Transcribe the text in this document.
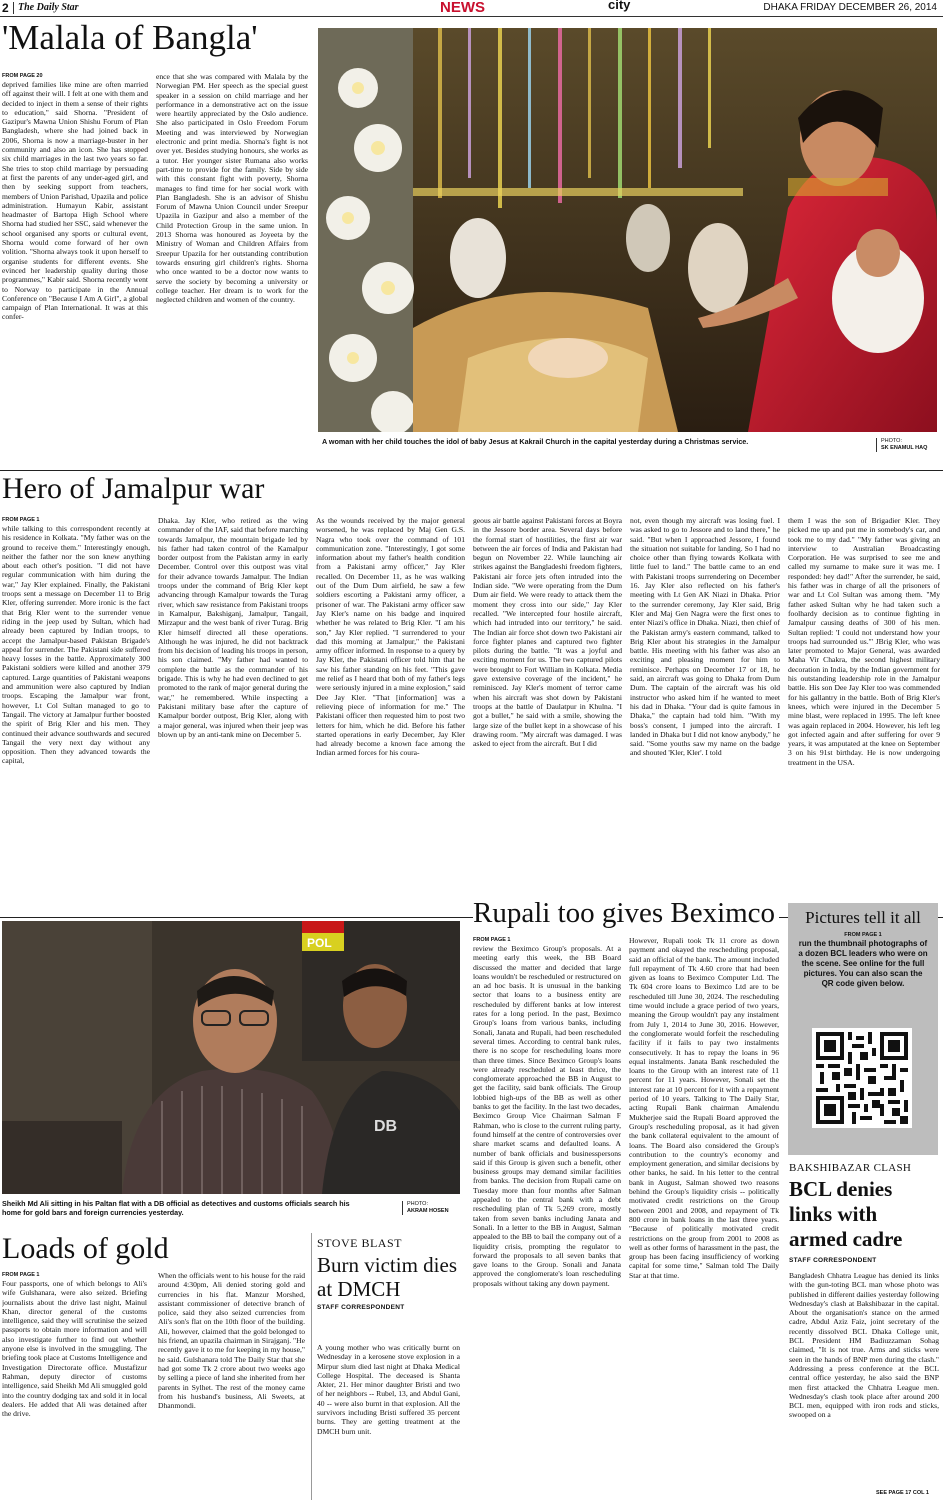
2 The Daily Star	NEWS	city	DHAKA FRIDAY DECEMBER 26, 2014
'Malala of Bangla'
FROM PAGE 20
deprived families like mine are often married off against their will. I felt at one with them and decided to inject in them a sense of their rights to education," said Shorna. "President of Gazipur's Mawna Union Shishu Forum of Plan Bangladesh, where she had joined back in 2006, Shorna is now a marriage-buster in her community and also an icon. She has stopped six child marriages in the last two years so far. She tries to stop child marriage by persuading at first the parents of any under-aged girl, and then by seeking support from teachers, members of Union Parishad, Upazila and police administration. Humayun Kabir, assistant headmaster of Bartopa High School where Shorna had studied her SSC, said whenever the school organised any sports or cultural event, Shorna would come forward of her own volition. "Shorna always took it upon herself to organise students for different events. She evinced her leadership quality during those programmes," Kabir said. Shorna recently went to Norway to participate in the Annual Conference on "Because I Am A Girl", a global campaign of Plan International. It was at this confer-
ence that she was compared with Malala by the Norwegian PM. Her speech as the special guest speaker in a session on child marriage and her performance in a demonstrative act on the issue were heartily appreciated by the Oslo audience. She also participated in Oslo Freedom Forum Meeting and was interviewed by Norwegian electronic and print media. Shorna's fight is not over yet. Besides studying honours, she works as a tutor. Her younger sister Rumana also works part-time to provide for the family. Side by side with this constant fight with poverty, Shorna manages to find time for her social work with Plan Bangladesh. She is an advisor of Shishu Forum of Mawna Union Council under Sreepur Upazila in Gazipur and also a member of the Child Protection Group in the same union. In 2013 Shorna was honoured as Joyeeta by the Ministry of Woman and Children Affairs from Sreepur Upazila for her outstanding contribution towards ensuring girl children's rights. Shorna who once wanted to be a doctor now wants to serve the society by becoming a university or college teacher. Her dream is to work for the neglected children and women of the country.
A woman with her child touches the idol of baby Jesus at Kakrail Church in the capital yesterday during a Christmas service.	PHOTO:
SK ENAMUL HAQ
Hero of Jamalpur war
FROM PAGE 1
while talking to this correspondent recently at his residence in Kolkata. "My father was on the ground to receive them." Interestingly enough, neither the father nor the son knew anything about each other's position. "I did not have regular communication with him during the war," Jay Kler explained. Finally, the Pakistani troops sent a message on December 11 to Brig Kler, offering surrender. More ironic is the fact that Brig Kler went to the surrender venue riding in the jeep used by Sultan, which had already been captured by Indian troops, to accept the Jamalpur-based Pakistan Brigade's appeal for surrender. The Pakistani side suffered heavy losses in the battle. Approximately 300 Pakistani soldiers were killed and another 379 captured. Large quantities of Pakistani weapons and ammunition were also captured by Indian troops. Escaping the Jamalpur war front, however, Lt Col Sultan managed to go to Tangail. The victory at Jamalpur further boosted the spirit of Brig Kler and his men. They continued their advance southwards and secured Tangail the very next day without any opposition. Then they advanced towards the capital,
Dhaka. Jay Kler, who retired as the wing commander of the IAF, said that before marching towards Jamalpur, the mountain brigade led by his father had taken control of the Kamalpur border outpost from the Pakistan army in early December. Control over this outpost was vital for their advance towards Jamalpur. The Indian troops under the command of Brig Kler kept advancing through Kamalpur towards the Turag river, which saw resistance from Pakistani troops in Kamalpur, Bakshiganj, Jamalpur, Tangail, Mirzapur and the west bank of river Turag. Brig Kler himself directed all these operations. Although he was injured, he did not backtrack from his decision of leading his troops in person, his son claimed. "My father had wanted to complete the battle as the commander of his brigade. This is why he had even declined to get promoted to the rank of major general during the war," he remembered. While inspecting a Pakistani military base after the capture of Kamalpur border outpost, Brig Kler, along with a major general, was injured when their jeep was blown up by an anti-tank mine on December 5.
As the wounds received by the major general worsened, he was replaced by Maj Gen G.S. Nagra who took over the command of 101 communication zone. "Interestingly, I got some information about my father's health condition from a Pakistani army officer," Jay Kler recalled. On December 11, as he was walking out of the Dum Dum airfield, he saw a few soldiers escorting a Pakistani army officer, a prisoner of war. The Pakistani army officer saw Jay Kler's name on his badge and inquired whether he was related to Brig Kler. "I am his son," Jay Kler replied. "I surrendered to your dad this morning at Jamalpur," the Pakistani army officer informed. In response to a query by Jay Kler, the Pakistani officer told him that he saw his father standing on his feet. "This gave me relief as I heard that both of my father's legs were seriously injured in a mine explosion," said Dee Jay Kler. "That [information] was a relieving piece of information for me." The Pakistani officer then requested him to post two letters for him, which he did. Before his father started operations in early December, Jay Kler had already become a known face among the Indian armed forces for his coura-
geous air battle against Pakistani forces at Boyra in the Jessore border area. Several days before the formal start of hostilities, the first air war between the air forces of India and Pakistan had begun on November 22. While launching air strikes against the Bangladeshi freedom fighters, Pakistani air force jets often intruded into the Indian side. "We were operating from the Dum Dum air field. We were ready to attack them the moment they cross into our side," Jay Kler recalled. "We intercepted four hostile aircraft, which had intruded into our territory," he said. The Indian air force shot down two Pakistani air force fighter planes and captured two fighter pilots during the battle. "It was a joyful and exciting moment for us. The two captured pilots were brought to Fort William in Kolkata. Media gave extensive coverage of the incident," he reminisced. Jay Kler's moment of terror came when his aircraft was shot down by Pakistani troops at the battle of Daulatpur in Khulna. "I got a bullet," he said with a smile, showing the large size of the bullet kept in a showcase of his drawing room. "My aircraft was damaged. I was asked to eject from the aircraft. But I did
not, even though my aircraft was losing fuel. I was asked to go to Jessore and to land there," he said. "But when I approached Jessore, I found the situation not suitable for landing. So I had no choice other than flying towards Kolkata with little fuel to land." The battle came to an end with Pakistani troops surrendering on December 16. Jay Kler also reflected on his father's meeting with Lt Gen AK Niazi in Dhaka. Prior to the surrender ceremony, Jay Kler said, Brig Kler and Maj Gen Nagra were the first ones to enter Niazi's office in Dhaka. Niazi, then chief of the Pakistan army's eastern command, talked to Brig Kler about his strategies in the Jamalpur battle. His meeting with his father was also an exciting and pleasing moment for him to reminisce. Perhaps on December 17 or 18, he said, an aircraft was going to Dhaka from Dum Dum. The captain of the aircraft was his old instructor who asked him if he wanted to meet his dad in Dhaka. "Your dad is quite famous in Dhaka," the captain had told him. "With my boss's consent, I jumped into the aircraft. I landed in Dhaka but I did not know anybody," he said. "Some youths saw my name on the badge and shouted 'Kler, Kler'. I told
them I was the son of Brigadier Kler. They picked me up and put me in somebody's car, and took me to my dad." "My father was giving an interview to Australian Broadcasting Corporation. He was surprised to see me and called my surname to make sure it was me. I responded: hey dad!" After the surrender, he said, his father was in charge of all the prisoners of war and Lt Col Sultan was among them. "My father asked Sultan why he had taken such a foolhardy decision as to continue fighting in Jamalpur causing deaths of 300 of his men. Sultan replied: 'I could not understand how your troops had surrounded us.'" JBrig Kler, who was later promoted to Major General, was awarded Maha Vir Chakra, the second highest military decoration in India, by the Indian government for his outstanding leadership role in the Jamalpur battle. His son Dee Jay Kler too was commended for his gallantry in the battle. Both of Brig Kler's knees, which were injured in the December 5 mine blast, were replaced in 1995. The left knee was again replaced in 2004. However, his left leg got infected again and after suffering for over 9 years, it was amputated at the knee on September 3 on his 91st birthday. He is now undergoing treatment in the USA.
POL
DB
Sheikh Md Ali sitting in his Paltan flat with a DB official as detectives and customs officials search his home for gold bars and foreign currencies yesterday.
PHOTO:
AKRAM HOSEN
Loads of gold
FROM PAGE 1
Four passports, one of which belongs to Ali's wife Gulshanara, were also seized. Briefing journalists about the drive last night, Mainul Khan, director general of the customs intelligence, said they will scrutinise the seized passports to obtain more information and will also investigate further to find out whether anyone else is involved in the smuggling. The briefing took place at Customs Intelligence and Investigation Directorate office. Mustafizur Rahman, deputy director of customs intelligence, said Sheikh Md Ali smuggled gold into the country dodging tax and sold it in local dealers. He added that Ali was detained after the drive.
When the officials went to his house for the raid around 4:30pm, Ali denied storing gold and currencies in his flat. Manzur Morshed, assistant commissioner of detective branch of police, said they also seized currencies from Ali's son's flat on the 10th floor of the building. Ali, however, claimed that the gold belonged to his friend, an upazila chairman in Sirajganj. "He recently gave it to me for keeping in my house," he said. Gulshanara told The Daily Star that she had got some Tk 2 crore about two weeks ago by selling a piece of land she inherited from her parents in Sylhet. The rest of the money came from his husband's business, Ali Sweets, at Dhanmondi.
STOVE BLAST
Burn victim dies at DMCH
STAFF CORRESPONDENT
A young mother who was critically burnt on Wednesday in a kerosene stove explosion in a Mirpur slum died last night at Dhaka Medical College Hospital. The deceased is Shanta Akter, 21. Her minor daughter Bristi and two of her neighbors -- Rubel, 13, and Abdul Gani, 40 -- were also burnt in that explosion. All the survivors including Bristi suffered 35 percent burns. They are getting treatment at the DMCH burn unit.
Rupali too gives Beximco
FROM PAGE 1
review the Beximco Group's proposals. At a meeting early this week, the BB Board discussed the matter and decided that large loans wouldn't be rescheduled or restructured on an ad hoc basis. It is unusual in the banking sector that loans to a business entity are rescheduled by different banks at low interest rates for a long period. In the past, Beximco Group's loans from various banks, including Sonali, Janata and Rupali, had been rescheduled several times. According to central bank rules, there is no scope for rescheduling loans more than three times. Since Beximco Group's loans were already rescheduled at least thrice, the conglomerate approached the BB in August to get the facility, said bank officials. The Group lobbied high-ups of the BB as well as other banks to get the facility. In the last two decades, Beximco Group Vice Chairman Salman F Rahman, who is close to the current ruling party, found himself at the centre of controversies over share market scams and defaulted loans. A number of bank officials and businesspersons said if this Group is given such a benefit, other business groups may demand similar facilities from banks. The decision from Rupali came on Tuesday more than four months after Salman appealed to the central bank with a debt rescheduling plan of Tk 5,269 crore, mostly taken from seven banks including Janata and Sonali. In a letter to the BB in August, Salman appealed to the BB to bail the company out of a liquidity crisis, prompting the regulator to forward the proposals to all seven banks that gave loans to the Group. Sonali and Janata approved the conglomerate's loan rescheduling proposals without taking any down payment.
However, Rupali took Tk 11 crore as down payment and okayed the rescheduling proposal, said an official of the bank. The amount included full repayment of Tk 4.60 crore that had been given as loans to Beximco Computer Ltd. The Tk 604 crore loans to Beximco Ltd are to be rescheduled till June 30, 2024. The rescheduling time would include a grace period of two years, meaning the Group wouldn't pay any instalment from July 1, 2014 to June 30, 2016. However, the conglomerate would forfeit the rescheduling facility if it fails to pay two instalments consecutively. It has to repay the loans in 96 equal instalments. Janata Bank rescheduled the loans to the Group with an interest rate of 11 percent for 11 years. However, Sonali set the interest rate at 10 percent for it with a repayment period of 10 years. Talking to The Daily Star, acting Rupali Bank chairman Amalendu Mukherjee said the Rupali Board approved the Group's rescheduling proposal, as it had given the bank collateral equivalent to the amount of loans. The Board also considered the Group's contribution to the country's economy and employment generation, and similar decisions by other banks, he said. In his letter to the central bank in August, Salman showed two reasons behind the Group's liquidity crisis -- politically motivated credit restrictions on the Group between 2001 and 2008, and repayment of Tk 800 crore in bank loans in the last three years. "Because of politically motivated credit restrictions on the group from 2001 to 2008 as well as other forms of harassment in the past, the group has been facing insufficiency of working capital for some time," Salman told The Daily Star at that time.
Pictures tell it all
FROM PAGE 1
run the thumbnail photographs of a dozen BCL leaders who were on the scene. See online for the full pictures. You can also scan the QR code given below.
BAKSHIBAZAR CLASH
BCL denies links with armed cadre
STAFF CORRESPONDENT
Bangladesh Chhatra League has denied its links with the gun-toting BCL man whose photo was published in different dailies yesterday following Wednesday's clash at Bakshibazar in the capital. About the organisation's stance on the armed cadre, Abdul Aziz Faiz, joint secretary of the recently dissolved BCL Dhaka College unit, BCL President HM Badiuzzaman Sohag claimed, "It is not true. Arms and sticks were seen in the hands of BNP men during the clash." Addressing a press conference at the BCL central office yesterday, he also said the BNP men first attacked the Chhatra League men. Wednesday's clash took place after around 200 BCL men, equipped with iron rods and sticks, swooped on a
SEE PAGE 17 COL 1
